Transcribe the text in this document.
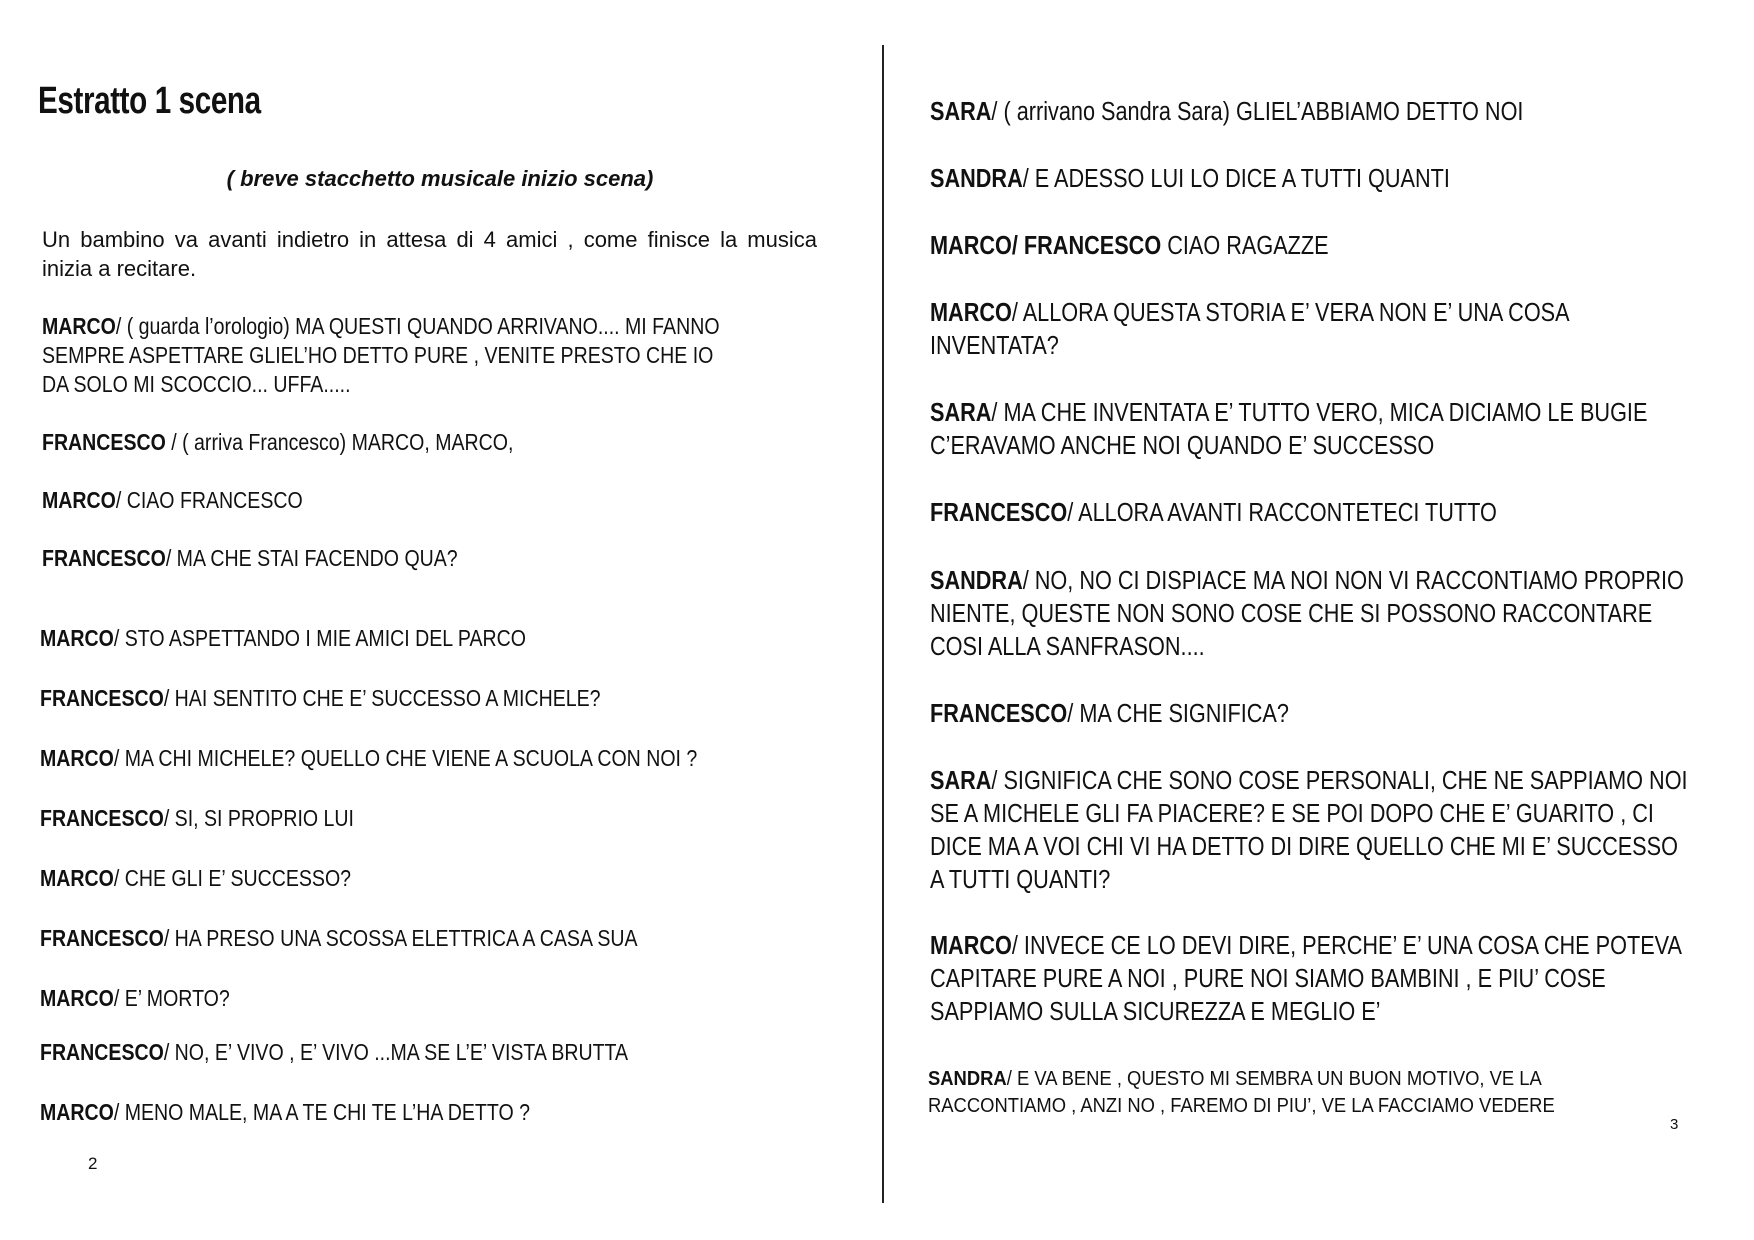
Estratto 1 scena

( breve stacchetto musicale inizio scena)

Un bambino va avanti indietro in attesa di 4 amici , come finisce la musica inizia a recitare.

MARCO/ ( guarda l’orologio) MA QUESTI QUANDO ARRIVANO.... MI FANNO

SEMPRE ASPETTARE GLIEL’HO DETTO PURE , VENITE PRESTO CHE IO

DA SOLO MI SCOCCIO... UFFA.....

FRANCESCO / ( arriva Francesco) MARCO, MARCO,

MARCO/ CIAO FRANCESCO

FRANCESCO/ MA CHE STAI FACENDO QUA?

MARCO/ STO ASPETTANDO I MIE AMICI DEL PARCO

FRANCESCO/ HAI SENTITO CHE E’ SUCCESSO A MICHELE?

MARCO/ MA CHI MICHELE? QUELLO CHE VIENE A SCUOLA CON NOI ?

FRANCESCO/ SI, SI PROPRIO LUI

MARCO/ CHE GLI E’ SUCCESSO?

FRANCESCO/ HA PRESO UNA SCOSSA ELETTRICA A CASA SUA

MARCO/ E’ MORTO?

FRANCESCO/ NO, E’ VIVO , E’ VIVO ...MA SE L’E’ VISTA BRUTTA

MARCO/ MENO MALE, MA A TE CHI TE L’HA DETTO ?

2

SARA/ ( arrivano Sandra Sara) GLIEL’ABBIAMO DETTO NOI

SANDRA/ E ADESSO LUI LO DICE A TUTTI QUANTI

MARCO/ FRANCESCO CIAO RAGAZZE

MARCO/ ALLORA QUESTA STORIA E’ VERA NON E’ UNA COSA

INVENTATA?

SARA/ MA CHE INVENTATA E’ TUTTO VERO, MICA DICIAMO LE BUGIE

C’ERAVAMO ANCHE NOI QUANDO E’ SUCCESSO

FRANCESCO/ ALLORA AVANTI RACCONTETECI TUTTO

SANDRA/ NO, NO CI DISPIACE MA NOI NON VI RACCONTIAMO PROPRIO

NIENTE, QUESTE NON SONO COSE CHE SI POSSONO RACCONTARE

COSI ALLA SANFRASON....

FRANCESCO/ MA CHE SIGNIFICA?

SARA/ SIGNIFICA CHE SONO COSE PERSONALI, CHE NE SAPPIAMO NOI

SE A MICHELE GLI FA PIACERE? E SE POI DOPO CHE E’ GUARITO , CI

DICE MA A VOI CHI VI HA DETTO DI DIRE QUELLO CHE MI E’ SUCCESSO

A TUTTI QUANTI?

MARCO/ INVECE CE LO DEVI DIRE, PERCHE’ E’ UNA COSA CHE POTEVA

CAPITARE PURE A NOI , PURE NOI SIAMO BAMBINI , E PIU’ COSE

SAPPIAMO SULLA SICUREZZA E MEGLIO E’

SANDRA/ E VA BENE , QUESTO MI SEMBRA UN BUON MOTIVO, VE LA

RACCONTIAMO , ANZI NO , FAREMO DI PIU’, VE LA FACCIAMO VEDERE

3
